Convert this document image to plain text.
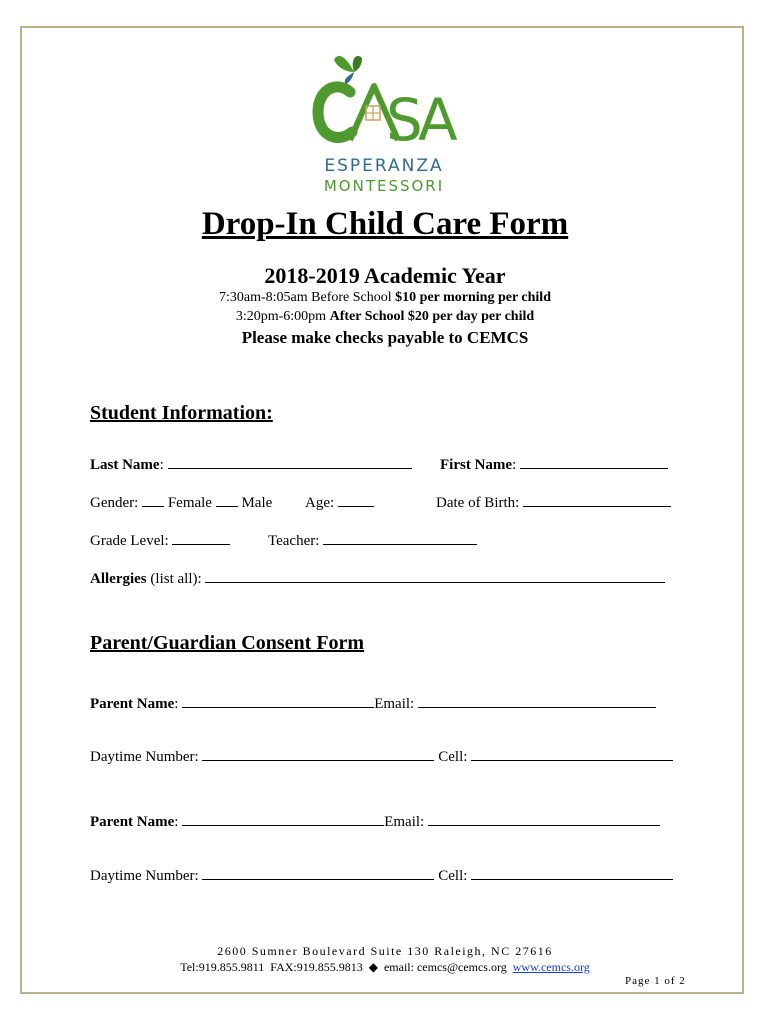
S
A
ESPERANZA
MONTESSORI
Drop-In Child Care Form
2018-2019 Academic Year
7:30am-8:05am Before School $10 per morning per child
3:20pm-6:00pm After School $20 per day per child
Please make checks payable to CEMCS
Student Information:
Last Name:	First Name:
Gender: Female Male Age:	Date of Birth:
Grade Level:	Teacher:
Allergies (list all):
Parent/Guardian Consent Form
Parent Name:	Email:
Daytime Number:	Cell:
Parent Name:	Email:
Daytime Number:	Cell:
2600 Sumner Boulevard Suite 130 Raleigh, NC 27616
Tel:919.855.9811 FAX:919.855.9813 ◆ email: cemcs@cemcs.org www.cemcs.org
Page 1 of 2
